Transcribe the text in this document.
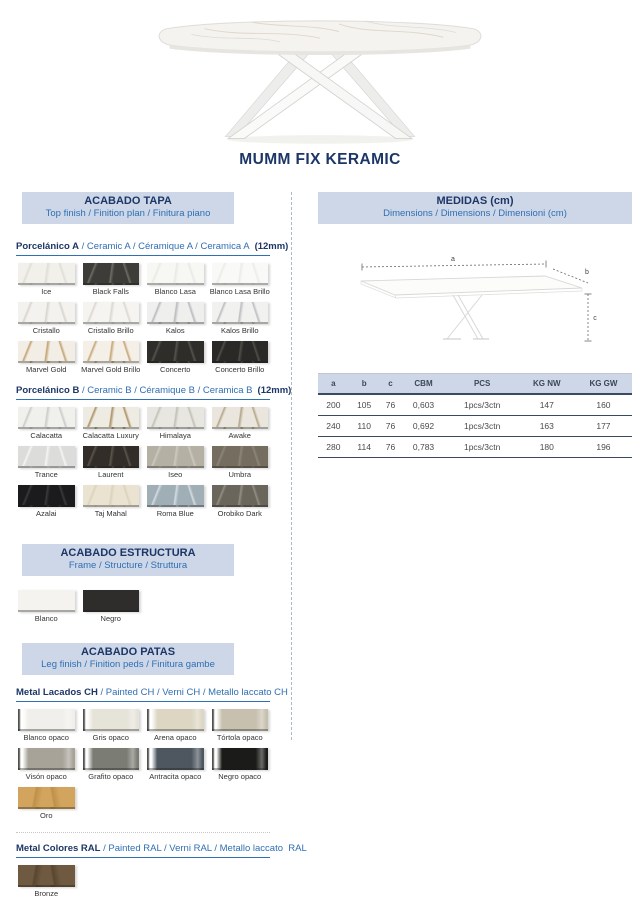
MUMM FIX KERAMIC
ACABADO TAPA
Top finish / Finition plan / Finitura piano
Porcelánico A / Ceramic A / Céramique A / Ceramica A (12mm)
Ice	Black Falls	Blanco Lasa	Blanco Lasa Brillo
Cristallo	Cristallo Brillo	Kalos	Kalos Brillo
Marvel Gold	Marvel Gold Brillo	Concerto	Concerto Brillo
Porcelánico B / Ceramic B / Céramique B / Ceramica B (12mm)
Calacatta	Calacatta Luxury	Himalaya	Awake
Trance	Laurent	Iseo	Umbra
Azalai	Taj Mahal	Roma Blue	Orobiko Dark
ACABADO ESTRUCTURA
Frame / Structure / Struttura
Blanco	Negro
ACABADO PATAS
Leg finish / Finition peds / Finitura gambe
Metal Lacados CH / Painted CH / Verni CH / Metallo laccato CH
Blanco opaco	Gris opaco	Arena opaco	Tórtola opaco
Visón opaco	Grafito opaco	Antracita opaco	Negro opaco
Oro
Metal Colores RAL / Painted RAL / Verni RAL / Metallo laccato  RAL
Bronze
MEDIDAS (cm)
Dimensions / Dimensions / Dimensioni (cm)
a
b
c
a	b	c	CBM	PCS	KG NW	KG GW
200	105	76	0,603	1pcs/3ctn	147	160
240	110	76	0,692	1pcs/3ctn	163	177
280	114	76	0,783	1pcs/3ctn	180	196
